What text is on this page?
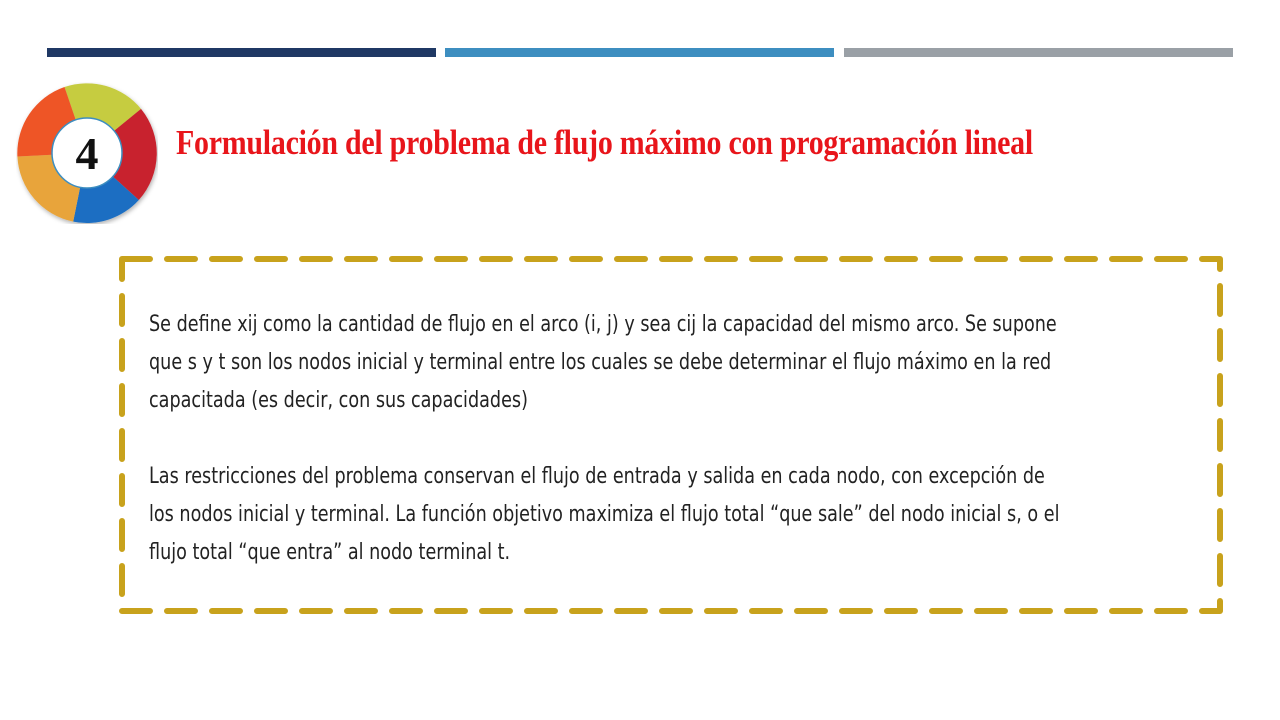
4 Formulación del problema de flujo máximo con programación lineal

Se define xij como la cantidad de flujo en el arco (i, j) y sea cij la capacidad del mismo arco. Se supone
que s y t son los nodos inicial y terminal entre los cuales se debe determinar el flujo máximo en la red
capacitada (es decir, con sus capacidades)

Las restricciones del problema conservan el flujo de entrada y salida en cada nodo, con excepción de
los nodos inicial y terminal. La función objetivo maximiza el flujo total “que sale” del nodo inicial s, o el
flujo total “que entra” al nodo terminal t.
